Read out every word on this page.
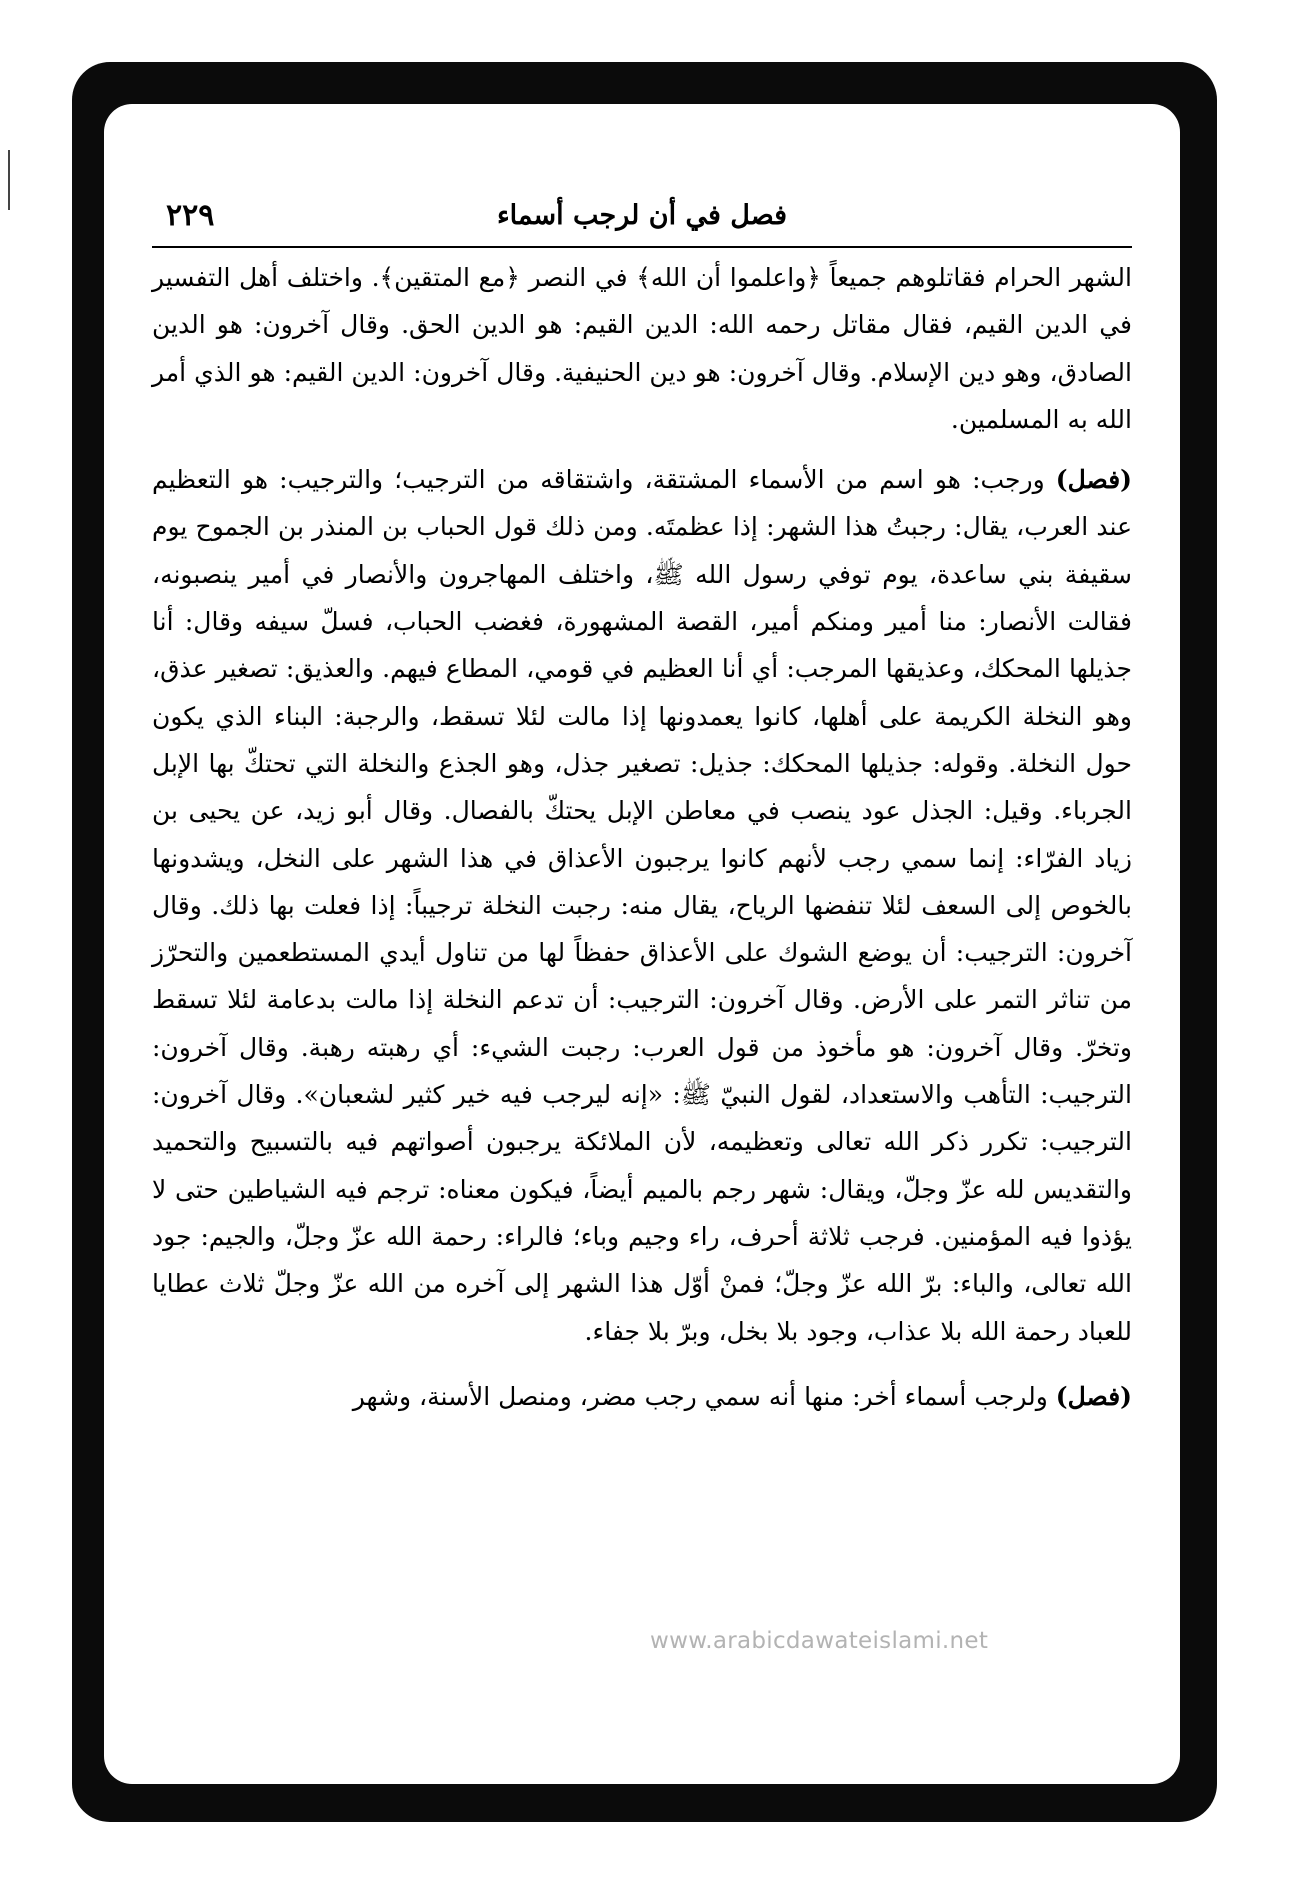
٢٢٩	فصل في أن لرجب أسماء

الشهر الحرام فقاتلوهم جميعاً ﴿واعلموا أن الله﴾ في النصر ﴿مع المتقين﴾. واختلف أهل التفسير في الدين القيم، فقال مقاتل رحمه الله: الدين القيم: هو الدين الحق. وقال آخرون: هو الدين الصادق، وهو دين الإسلام. وقال آخرون: هو دين الحنيفية. وقال آخرون: الدين القيم: هو الذي أمر الله به المسلمين.

(فصل) ورجب: هو اسم من الأسماء المشتقة، واشتقاقه من الترجيب؛ والترجيب: هو التعظيم عند العرب، يقال: رجبتُ هذا الشهر: إذا عظمتَه. ومن ذلك قول الحباب بن المنذر بن الجموح يوم سقيفة بني ساعدة، يوم توفي رسول الله ﷺ، واختلف المهاجرون والأنصار في أمير ينصبونه، فقالت الأنصار: منا أمير ومنكم أمير، القصة المشهورة، فغضب الحباب، فسلّ سيفه وقال: أنا جذيلها المحكك، وعذيقها المرجب: أي أنا العظيم في قومي، المطاع فيهم. والعذيق: تصغير عذق، وهو النخلة الكريمة على أهلها، كانوا يعمدونها إذا مالت لئلا تسقط، والرجبة: البناء الذي يكون حول النخلة. وقوله: جذيلها المحكك: جذيل: تصغير جذل، وهو الجذع والنخلة التي تحتكّ بها الإبل الجرباء. وقيل: الجذل عود ينصب في معاطن الإبل يحتكّ بالفصال. وقال أبو زيد، عن يحيى بن زياد الفرّاء: إنما سمي رجب لأنهم كانوا يرجبون الأعذاق في هذا الشهر على النخل، ويشدونها بالخوص إلى السعف لئلا تنفضها الرياح، يقال منه: رجبت النخلة ترجيباً: إذا فعلت بها ذلك. وقال آخرون: الترجيب: أن يوضع الشوك على الأعذاق حفظاً لها من تناول أيدي المستطعمين والتحرّز من تناثر التمر على الأرض. وقال آخرون: الترجيب: أن تدعم النخلة إذا مالت بدعامة لئلا تسقط وتخرّ. وقال آخرون: هو مأخوذ من قول العرب: رجبت الشيء: أي رهبته رهبة. وقال آخرون: الترجيب: التأهب والاستعداد، لقول النبيّ ﷺ: «إنه ليرجب فيه خير كثير لشعبان». وقال آخرون: الترجيب: تكرر ذكر الله تعالى وتعظيمه، لأن الملائكة يرجبون أصواتهم فيه بالتسبيح والتحميد والتقديس لله عزّ وجلّ، ويقال: شهر رجم بالميم أيضاً، فيكون معناه: ترجم فيه الشياطين حتى لا يؤذوا فيه المؤمنين. فرجب ثلاثة أحرف، راء وجيم وباء؛ فالراء: رحمة الله عزّ وجلّ، والجيم: جود الله تعالى، والباء: برّ الله عزّ وجلّ؛ فمنْ أوّل هذا الشهر إلى آخره من الله عزّ وجلّ ثلاث عطايا للعباد رحمة الله بلا عذاب، وجود بلا بخل، وبرّ بلا جفاء.

(فصل) ولرجب أسماء أخر: منها أنه سمي رجب مضر، ومنصل الأسنة، وشهر

www.arabicdawateislami.net
